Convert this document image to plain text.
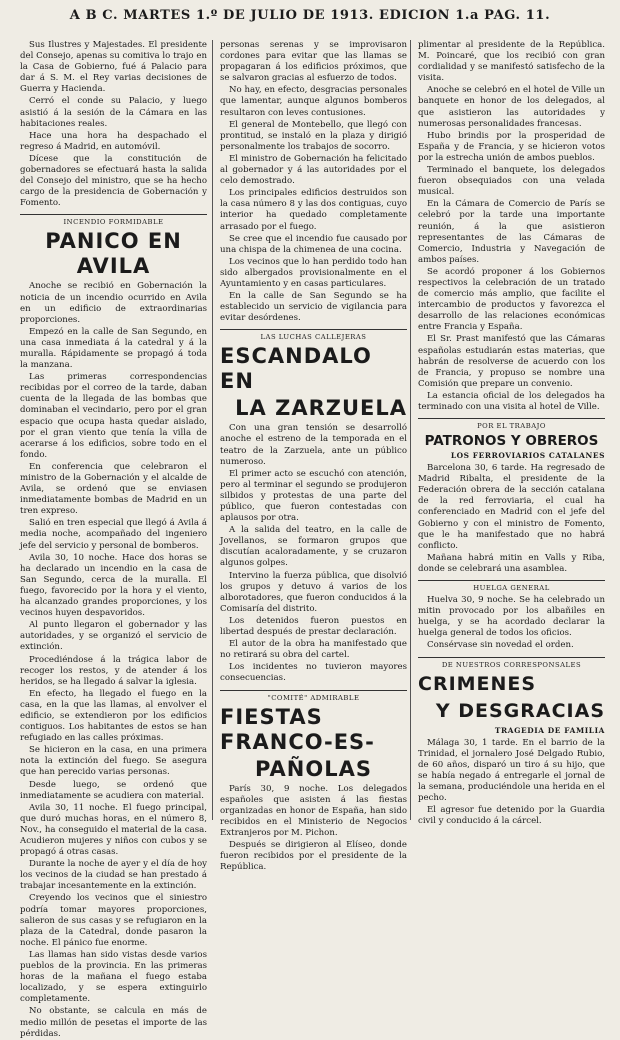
A B C. MARTES 1.º DE JULIO DE 1913. EDICION 1.a PAG. 11.

Sus Ilustres y Majestades. El presidente del Consejo, apenas su comitiva lo trajo en la Casa de Gobierno, fué á Palacio para dar á S. M. el Rey varias decisiones de Guerra y Hacienda.

Cerró el conde su Palacio, y luego asistió á la sesión de la Cámara en las habitaciones reales.

Hace una hora ha despachado el regreso á Madrid, en automóvil.

Dícese que la constitución de gobernadores se efectuará hasta la salida del Consejo del ministro, que se ha hecho cargo de la presidencia de Gobernación y Fomento.

INCENDIO FORMIDABLE
PANICO EN AVILA

Anoche se recibió en Gobernación la noticia de un incendio ocurrido en Avila en un edificio de extraordinarias proporciones.

Empezó en la calle de San Segundo, en una casa inmediata á la catedral y á la muralla. Rápidamente se propagó á toda la manzana.

Las primeras correspondencias recibidas por el correo de la tarde, daban cuenta de la llegada de las bombas que dominaban el vecindario, pero por el gran espacio que ocupa hasta quedar aislado, por el gran viento que tenía la villa de acerarse á los edificios, sobre todo en el fondo.

En conferencia que celebraron el ministro de la Gobernación y el alcalde de Avila, se ordenó que se enviasen inmediatamente bombas de Madrid en un tren expreso.

Salió en tren especial que llegó á Avila á media noche, acompañado del ingeniero jefe del servicio y personal de bomberos.

Avila 30, 10 noche. Hace dos horas se ha declarado un incendio en la casa de San Segundo, cerca de la muralla. El fuego, favorecido por la hora y el viento, ha alcanzado grandes proporciones, y los vecinos huyen despavoridos.

Al punto llegaron el gobernador y las autoridades, y se organizó el servicio de extinción.

Procediéndose á la trágica labor de recoger los restos, y de atender á los heridos, se ha llegado á salvar la iglesia.

En efecto, ha llegado el fuego en la casa, en la que las llamas, al envolver el edificio, se extendieron por los edificios contiguos. Los habitantes de estos se han refugiado en las calles próximas.

Se hicieron en la casa, en una primera nota la extinción del fuego. Se asegura que han perecido varias personas.

Desde luego, se ordenó que inmediatamente se acudiera con material.

Avila 30, 11 noche. El fuego principal, que duró muchas horas, en el número 8, Nov., ha conseguido el material de la casa. Acudieron mujeres y niños con cubos y se propagó á otras casas.

Durante la noche de ayer y el día de hoy los vecinos de la ciudad se han prestado á trabajar incesantemente en la extinción.

Creyendo los vecinos que el siniestro podría tomar mayores proporciones, salieron de sus casas y se refugiaron en la plaza de la Catedral, donde pasaron la noche. El pánico fue enorme.

Las llamas han sido vistas desde varios pueblos de la provincia. En las primeras horas de la mañana el fuego estaba localizado, y se espera extinguirlo completamente.

No obstante, se calcula en más de medio millón de pesetas el importe de las pérdidas.

personas serenas y se improvisaron cordones para evitar que las llamas se propagaran á los edificios próximos, que se salvaron gracias al esfuerzo de todos.

No hay, en efecto, desgracias personales que lamentar, aunque algunos bomberos resultaron con leves contusiones.

El general de Montebello, que llegó con prontitud, se instaló en la plaza y dirigió personalmente los trabajos de socorro.

El ministro de Gobernación ha felicitado al gobernador y á las autoridades por el celo demostrado.

Los principales edificios destruidos son la casa número 8 y las dos contiguas, cuyo interior ha quedado completamente arrasado por el fuego.

Se cree que el incendio fue causado por una chispa de la chimenea de una cocina.

Los vecinos que lo han perdido todo han sido albergados provisionalmente en el Ayuntamiento y en casas particulares.

En la calle de San Segundo se ha establecido un servicio de vigilancia para evitar desórdenes.

LAS LUCHAS CALLEJERAS
ESCANDALO EN
LA ZARZUELA

Con una gran tensión se desarrolló anoche el estreno de la temporada en el teatro de la Zarzuela, ante un público numeroso.

El primer acto se escuchó con atención, pero al terminar el segundo se produjeron silbidos y protestas de una parte del público, que fueron contestadas con aplausos por otra.

A la salida del teatro, en la calle de Jovellanos, se formaron grupos que discutían acaloradamente, y se cruzaron algunos golpes.

Intervino la fuerza pública, que disolvió los grupos y detuvo á varios de los alborotadores, que fueron conducidos á la Comisaría del distrito.

Los detenidos fueron puestos en libertad después de prestar declaración.

El autor de la obra ha manifestado que no retirará su obra del cartel.

Los incidentes no tuvieron mayores consecuencias.

"COMITÉ" ADMIRABLE
FIESTAS FRANCO-ES-
PAÑOLAS

París 30, 9 noche. Los delegados españoles que asisten á las fiestas organizadas en honor de España, han sido recibidos en el Ministerio de Negocios Extranjeros por M. Pichon.

Después se dirigieron al Elíseo, donde fueron recibidos por el presidente de la República.

plimentar al presidente de la República. M. Poincaré, que los recibió con gran cordialidad y se manifestó satisfecho de la visita.

Anoche se celebró en el hotel de Ville un banquete en honor de los delegados, al que asistieron las autoridades y numerosas personalidades francesas.

Hubo brindis por la prosperidad de España y de Francia, y se hicieron votos por la estrecha unión de ambos pueblos.

Terminado el banquete, los delegados fueron obsequiados con una velada musical.

En la Cámara de Comercio de París se celebró por la tarde una importante reunión, á la que asistieron representantes de las Cámaras de Comercio, Industria y Navegación de ambos países.

Se acordó proponer á los Gobiernos respectivos la celebración de un tratado de comercio más amplio, que facilite el intercambio de productos y favorezca el desarrollo de las relaciones económicas entre Francia y España.

El Sr. Prast manifestó que las Cámaras españolas estudiarán estas materias, que habrán de resolverse de acuerdo con los de Francia, y propuso se nombre una Comisión que prepare un convenio.

La estancia oficial de los delegados ha terminado con una visita al hotel de Ville.

POR EL TRABAJO
PATRONOS Y OBREROS
LOS FERROVIARIOS CATALANES

Barcelona 30, 6 tarde. Ha regresado de Madrid Ribalta, el presidente de la Federación obrera de la sección catalana de la red ferroviaria, el cual ha conferenciado en Madrid con el jefe del Gobierno y con el ministro de Fomento, que le ha manifestado que no habrá conflicto.

Mañana habrá mitin en Valls y Riba, donde se celebrará una asamblea.

HUELGA GENERAL

Huelva 30, 9 noche. Se ha celebrado un mitin provocado por los albañiles en huelga, y se ha acordado declarar la huelga general de todos los oficios.

Consérvase sin novedad el orden.

DE NUESTROS CORRESPONSALES
CRIMENES
Y DESGRACIAS
TRAGEDIA DE FAMILIA

Málaga 30, 1 tarde. En el barrio de la Trinidad, el jornalero José Delgado Rubio, de 60 años, disparó un tiro á su hijo, que se había negado á entregarle el jornal de la semana, produciéndole una herida en el pecho.

El agresor fue detenido por la Guardia civil y conducido á la cárcel.
